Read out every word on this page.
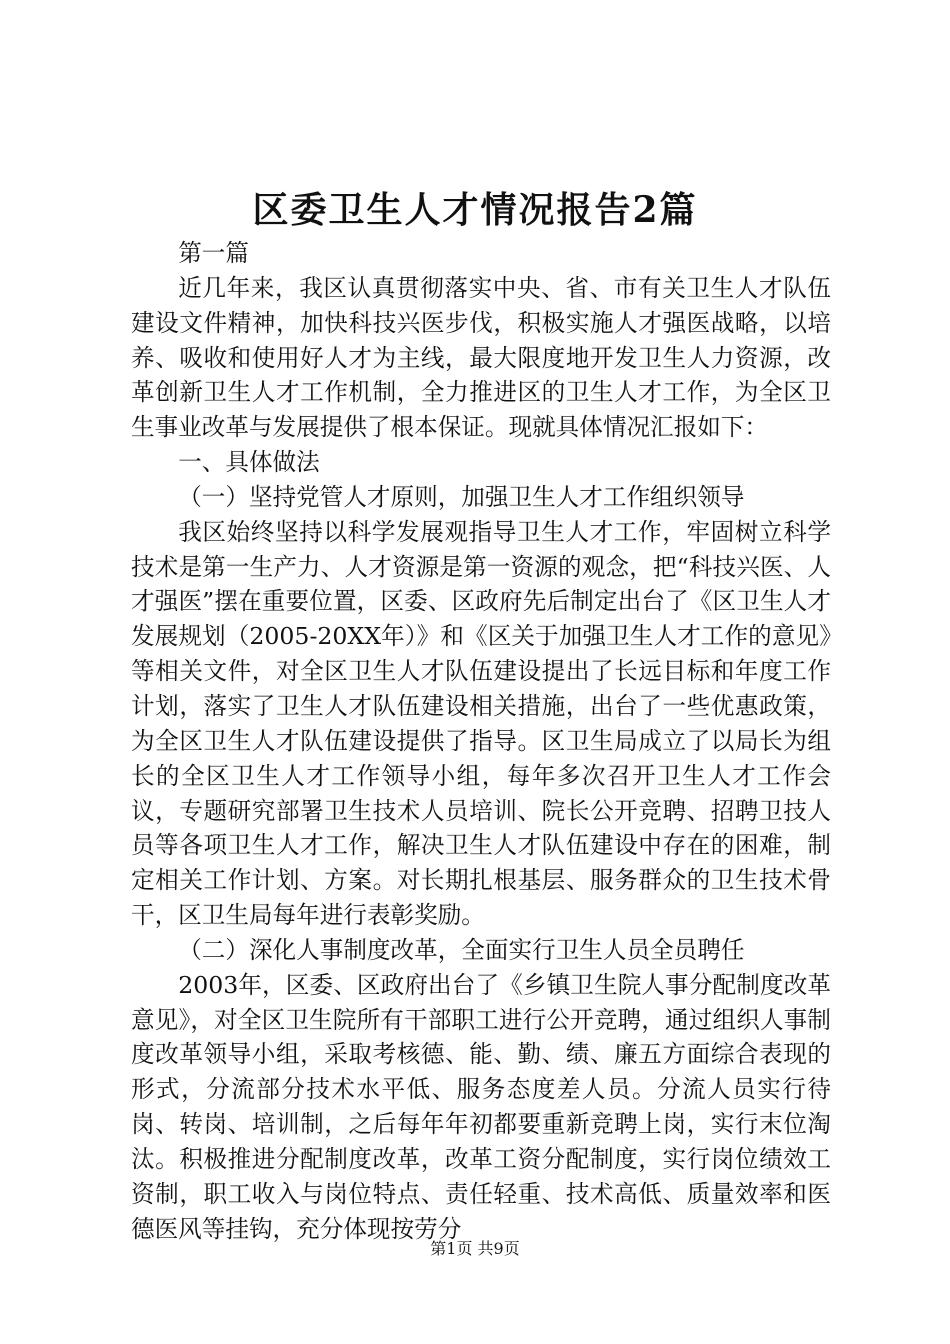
区委卫生人才情况报告2篇

第一篇

近几年来，我区认真贯彻落实中央、省、市有关卫生人才队伍建设文件精神，加快科技兴医步伐，积极实施人才强医战略，以培养、吸收和使用好人才为主线，最大限度地开发卫生人力资源，改革创新卫生人才工作机制，全力推进区的卫生人才工作，为全区卫生事业改革与发展提供了根本保证。现就具体情况汇报如下：

一、具体做法

（一）坚持党管人才原则，加强卫生人才工作组织领导

我区始终坚持以科学发展观指导卫生人才工作，牢固树立科学技术是第一生产力、人才资源是第一资源的观念，把“科技兴医、人才强医”摆在重要位置，区委、区政府先后制定出台了《区卫生人才发展规划（2005-20XX年）》和《区关于加强卫生人才工作的意见》等相关文件，对全区卫生人才队伍建设提出了长远目标和年度工作计划，落实了卫生人才队伍建设相关措施，出台了一些优惠政策，为全区卫生人才队伍建设提供了指导。区卫生局成立了以局长为组长的全区卫生人才工作领导小组，每年多次召开卫生人才工作会议，专题研究部署卫生技术人员培训、院长公开竞聘、招聘卫技人员等各项卫生人才工作，解决卫生人才队伍建设中存在的困难，制定相关工作计划、方案。对长期扎根基层、服务群众的卫生技术骨干，区卫生局每年进行表彰奖励。

（二）深化人事制度改革，全面实行卫生人员全员聘任

2003年，区委、区政府出台了《乡镇卫生院人事分配制度改革意见》，对全区卫生院所有干部职工进行公开竞聘，通过组织人事制度改革领导小组，采取考核德、能、勤、绩、廉五方面综合表现的形式，分流部分技术水平低、服务态度差人员。分流人员实行待岗、转岗、培训制，之后每年年初都要重新竞聘上岗，实行末位淘汰。积极推进分配制度改革，改革工资分配制度，实行岗位绩效工资制，职工收入与岗位特点、责任轻重、技术高低、质量效率和医德医风等挂钩，充分体现按劳分

第1页 共9页
